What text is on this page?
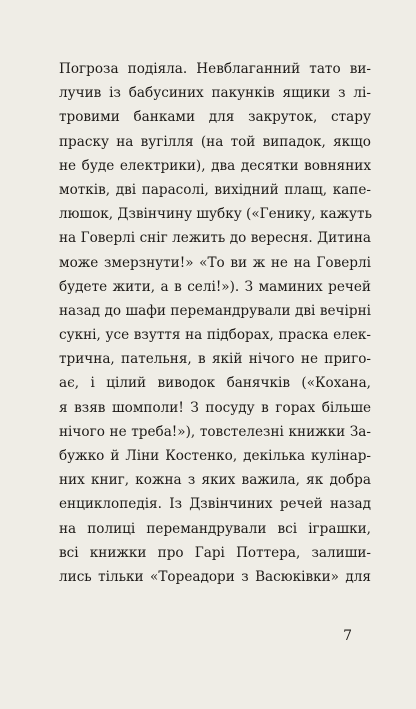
Погроза подіяла. Невблаганний тато ви-
лучив із бабусиних пакунків ящики з лі-
тровими банками для закруток, стару
праску на вугілля (на той випадок, якщо
не буде електрики), два десятки вовняних
мотків, дві парасолі, вихідний плащ, капе-
люшок, Дзвінчину шубку («Генику, кажуть
на Говерлі сніг лежить до вересня. Дитина
може змерзнути!» «То ви ж не на Говерлі
будете жити, а в селі!»). З маминих речей
назад до шафи перемандрували дві вечірні
сукні, усе взуття на підборах, праска елек-
трична, пательня, в якій нічого не пригo-
ає, і цілий виводок банячків («Кохана,
я взяв шомполи! З посуду в горах більше
нічого не треба!»), товстелезні книжки За-
бужко й Ліни Костенко, декілька кулінар-
них книг, кожна з яких важила, як добра
енциклопедія. Із Дзвінчиних речей назад
на полиці перемандрували всі іграшки,
всі книжки про Гарі Поттера, залиши-
лись тільки «Тореадори з Васюківки» для
7
